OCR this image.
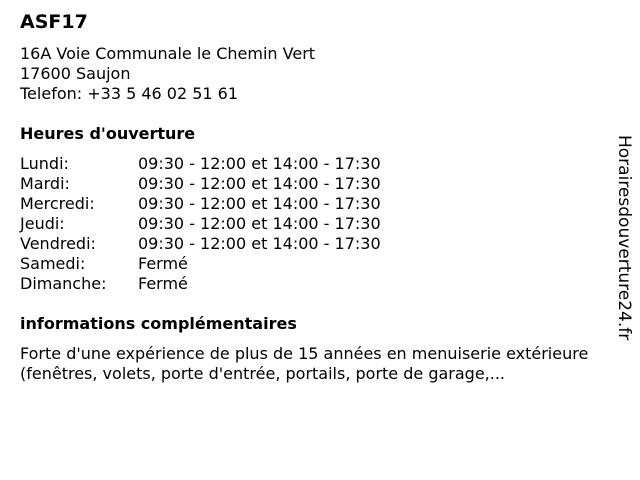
ASF17
16A Voie Communale le Chemin Vert
17600 Saujon
Telefon: +33 5 46 02 51 61
Heures d'ouverture
Lundi:	09:30 - 12:00 et 14:00 - 17:30
Mardi:	09:30 - 12:00 et 14:00 - 17:30
Mercredi:	09:30 - 12:00 et 14:00 - 17:30
Jeudi:	09:30 - 12:00 et 14:00 - 17:30
Vendredi:	09:30 - 12:00 et 14:00 - 17:30
Samedi:	Fermé
Dimanche: Fermé
informations complémentaires
Forte d'une expérience de plus de 15 années en menuiserie extérieure (fenêtres, volets, porte d'entrée, portails, porte de garage,...
Horairesdouverture24.fr
